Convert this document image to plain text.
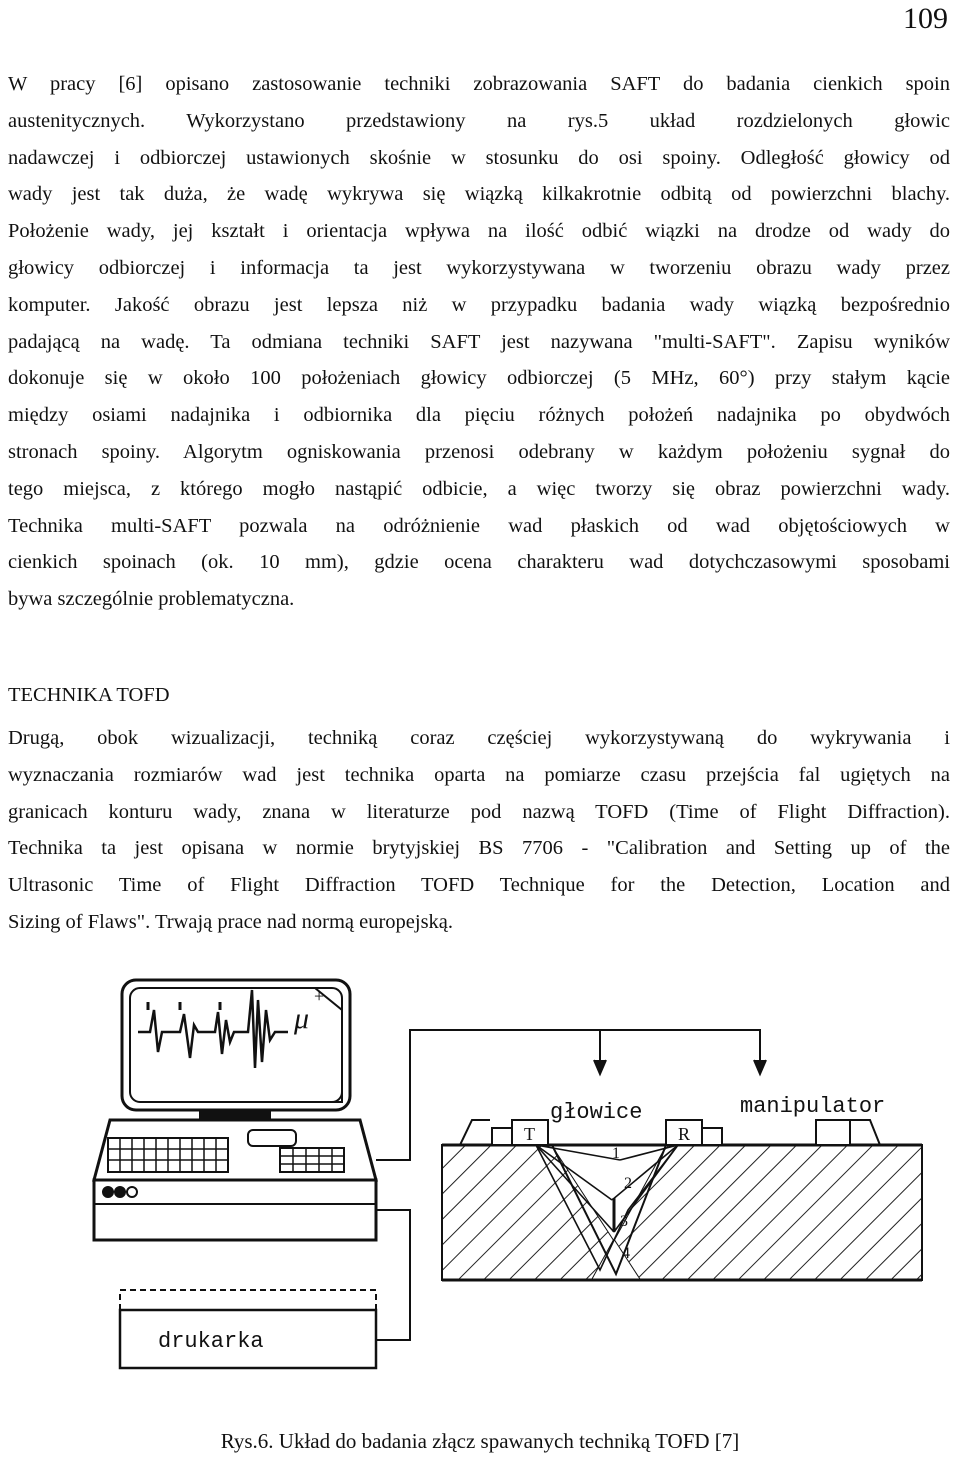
109
W pracy [6] opisano zastosowanie techniki zobrazowania SAFT do badania cienkich spoin
austenitycznych. Wykorzystano przedstawiony na rys.5 układ rozdzielonych głowic
nadawczej i odbiorczej ustawionych skośnie w stosunku do osi spoiny. Odległość głowicy od
wady jest tak duża, że wadę wykrywa się wiązką kilkakrotnie odbitą od powierzchni blachy.
Położenie wady, jej kształt i orientacja wpływa na ilość odbić wiązki na drodze od wady do
głowicy odbiorczej i informacja ta jest wykorzystywana w tworzeniu obrazu wady przez
komputer. Jakość obrazu jest lepsza niż w przypadku badania wady wiązką bezpośrednio
padającą na wadę. Ta odmiana techniki SAFT jest nazywana "multi-SAFT". Zapisu wyników
dokonuje się w około 100 położeniach głowicy odbiorczej (5 MHz, 60°) przy stałym kącie
między osiami nadajnika i odbiornika dla pięciu różnych położeń nadajnika po obydwóch
stronach spoiny. Algorytm ogniskowania przenosi odebrany w każdym położeniu sygnał do
tego miejsca, z którego mogło nastąpić odbicie, a więc tworzy się obraz powierzchni wady.
Technika multi-SAFT pozwala na odróżnienie wad płaskich od wad objętościowych w
cienkich spoinach (ok. 10 mm), gdzie ocena charakteru wad dotychczasowymi sposobami
bywa szczególnie problematyczna.
TECHNIKA TOFD
Drugą, obok wizualizacji, techniką coraz częściej wykorzystywaną do wykrywania i
wyznaczania rozmiarów wad jest technika oparta na pomiarze czasu przejścia fal ugiętych na
granicach konturu wady, znana w literaturze pod nazwą TOFD (Time of Flight Diffraction).
Technika ta jest opisana w normie brytyjskiej BS 7706 - "Calibration and Setting up of the
Ultrasonic Time of Flight Diffraction TOFD Technique for the Detection, Location and
Sizing of Flaws". Trwają prace nad normą europejską.
μ
+
głowice	manipulator
T	R
1
2
3
4
drukarka
Rys.6. Układ do badania złącz spawanych techniką TOFD [7]
